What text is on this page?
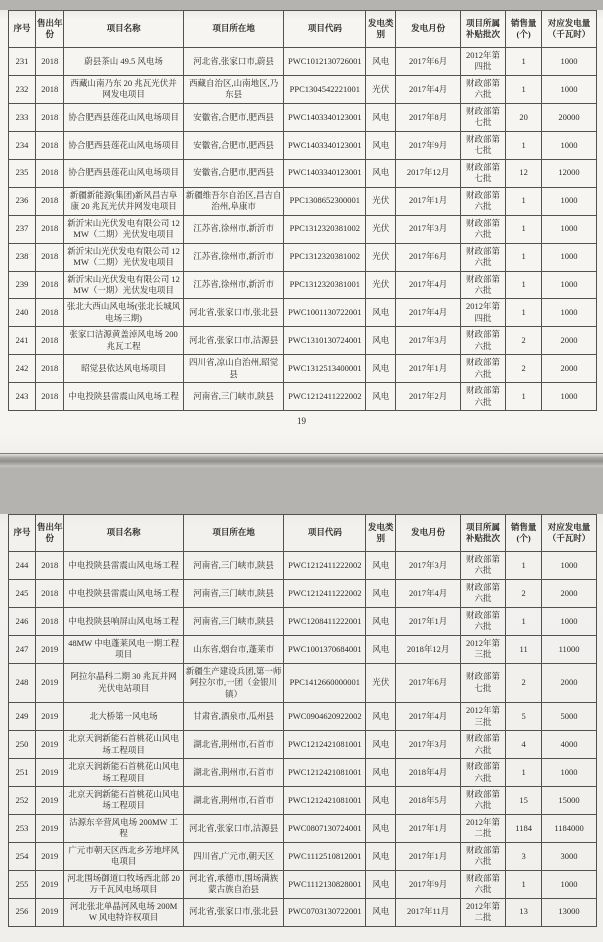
序号	售出年份	项目名称	项目所在地	项目代码	发电类别	发电月份	项目所属补贴批次	销售量(个)	对应发电量（千瓦时）
231	2018	蔚县茶山 49.5 风电场	河北省,张家口市,蔚县	PWC1012130726001	风电	2017年6月	2012年第四批	1	1000
232	2018	西藏山南乃东 20 兆瓦光伏并网发电项目	西藏自治区,山南地区,乃东县	PPC1304542221001	光伏	2017年4月	财政部第六批	1	1000
233	2018	协合肥西县莲花山风电场项目	安徽省,合肥市,肥西县	PWC1403340123001	风电	2017年8月	财政部第七批	20	20000
234	2018	协合肥西县莲花山风电场项目	安徽省,合肥市,肥西县	PWC1403340123001	风电	2017年9月	财政部第七批	1	1000
235	2018	协合肥西县莲花山风电场项目	安徽省,合肥市,肥西县	PWC1403340123001	风电	2017年12月	财政部第七批	12	12000
236	2018	新疆新能源(集团)新风昌吉阜康 20 兆瓦光伏并网发电项目	新疆维吾尔自治区,昌吉自治州,阜康市	PPC1308652300001	光伏	2017年1月	财政部第六批	1	1000
237	2018	新沂宋山光伏发电有限公司 12MW（二期）光伏发电项目	江苏省,徐州市,新沂市	PPC1312320381002	光伏	2017年3月	财政部第六批	1	1000
238	2018	新沂宋山光伏发电有限公司 12MW（二期）光伏发电项目	江苏省,徐州市,新沂市	PPC1312320381002	光伏	2017年6月	财政部第六批	1	1000
239	2018	新沂宋山光伏发电有限公司 12MW（一期）光伏发电项目	江苏省,徐州市,新沂市	PPC1312320381001	光伏	2017年4月	财政部第六批	1	1000
240	2018	张北大西山风电场(张北长城风电场三期)	河北省,张家口市,张北县	PWC1001130722001	风电	2017年4月	2012年第四批	1	1000
241	2018	张家口洁源黄盖淖风电场 200 兆瓦工程	河北省,张家口市,沽源县	PWC1310130724001	风电	2017年3月	财政部第六批	2	2000
242	2018	昭觉县依达风电场项目	四川省,凉山自治州,昭觉县	PWC1312513400001	风电	2017年1月	财政部第六批	2	2000
243	2018	中电投陕县雷震山风电场工程	河南省,三门峡市,陕县	PWC1212411222002	风电	2017年2月	财政部第六批	1	1000
19
序号	售出年份	项目名称	项目所在地	项目代码	发电类别	发电月份	项目所属补贴批次	销售量(个)	对应发电量（千瓦时）
244	2018	中电投陕县雷震山风电场工程	河南省,三门峡市,陕县	PWC1212411222002	风电	2017年3月	财政部第六批	1	1000
245	2018	中电投陕县雷震山风电场工程	河南省,三门峡市,陕县	PWC1212411222002	风电	2017年4月	财政部第六批	2	2000
246	2018	中电投陕县响屏山风电场工程	河南省,三门峡市,陕县	PWC1208411222001	风电	2017年1月	财政部第六批	1	1000
247	2019	48MW 中电蓬莱风电一期工程项目	山东省,烟台市,蓬莱市	PWC1001370684001	风电	2018年12月	2012年第三批	11	11000
248	2019	阿拉尔晶科二期 30 兆瓦并网光伏电站项目	新疆生产建设兵团,第一师阿拉尔市,一团（金银川镇）	PPC1412660000001	光伏	2017年6月	财政部第七批	2	2000
249	2019	北大桥第一风电场	甘肃省,酒泉市,瓜州县	PWC0904620922002	风电	2017年4月	2012年第三批	5	5000
250	2019	北京天润新能石首桃花山风电场工程项目	湖北省,荆州市,石首市	PWC1212421081001	风电	2017年3月	财政部第六批	4	4000
251	2019	北京天润新能石首桃花山风电场工程项目	湖北省,荆州市,石首市	PWC1212421081001	风电	2018年4月	财政部第六批	1	1000
252	2019	北京天润新能石首桃花山风电场工程项目	湖北省,荆州市,石首市	PWC1212421081001	风电	2018年5月	财政部第六批	15	15000
253	2019	沽源东辛营风电场 200MW 工程	河北省,张家口市,沽源县	PWC0807130724001	风电	2017年1月	2012年第二批	1184	1184000
254	2019	广元市朝天区西北乡芳地坪风电项目	四川省,广元市,朝天区	PWC1112510812001	风电	2017年1月	财政部第六批	3	3000
255	2019	河北围场御道口牧场西北部 20 万千瓦风电场项目	河北省,承德市,围场满族蒙古族自治县	PWC1112130828001	风电	2017年9月	财政部第六批	1	1000
256	2019	河北张北单晶河风电场 200MW 风电特许权项目	河北省,张家口市,张北县	PWC0703130722001	风电	2017年11月	2012年第二批	13	13000
